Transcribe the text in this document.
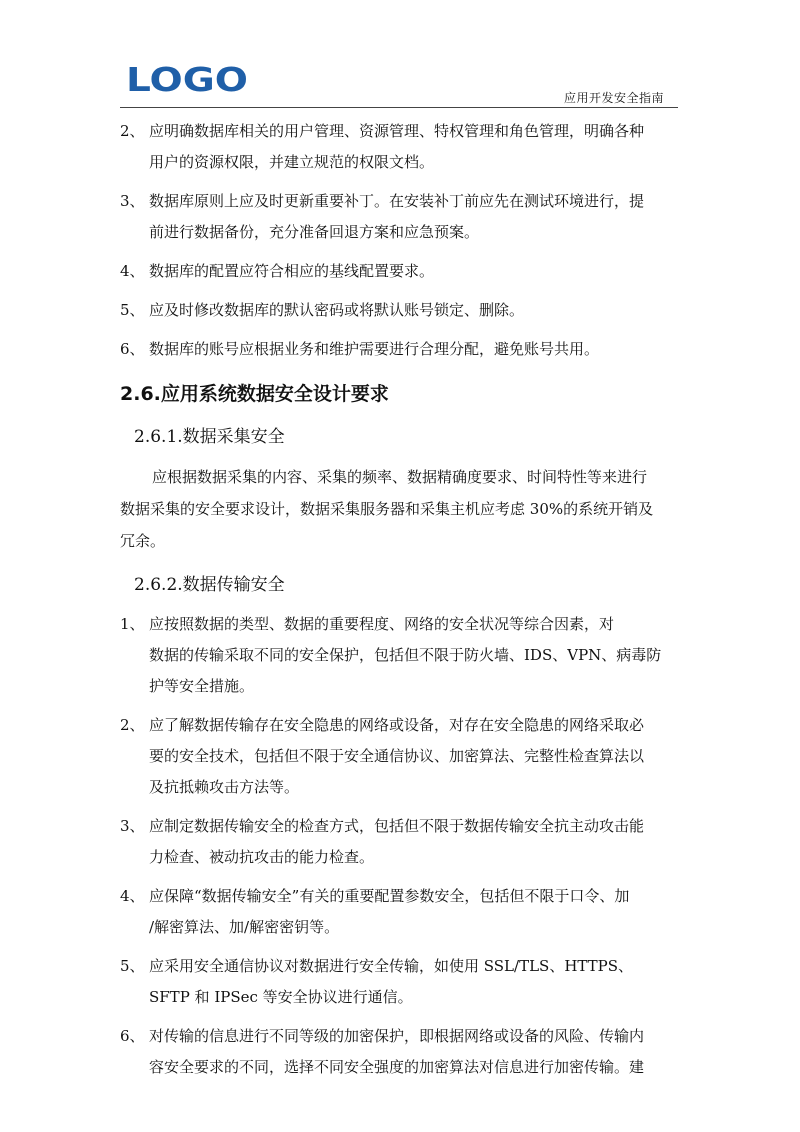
LOGO	应用开发安全指南
2、 应明确数据库相关的用户管理、资源管理、特权管理和角色管理，明确各种
用户的资源权限，并建立规范的权限文档。
3、 数据库原则上应及时更新重要补丁。在安装补丁前应先在测试环境进行，提
前进行数据备份，充分准备回退方案和应急预案。
4、 数据库的配置应符合相应的基线配置要求。
5、 应及时修改数据库的默认密码或将默认账号锁定、删除。
6、 数据库的账号应根据业务和维护需要进行合理分配，避免账号共用。
2.6.应用系统数据安全设计要求
2.6.1.数据采集安全
应根据数据采集的内容、采集的频率、数据精确度要求、时间特性等来进行
数据采集的安全要求设计，数据采集服务器和采集主机应考虑 30%的系统开销及
冗余。
2.6.2.数据传输安全
1、 应按照数据的类型、数据的重要程度、网络的安全状况等综合因素，对
数据的传输采取不同的安全保护，包括但不限于防火墙、IDS、VPN、病毒防
护等安全措施。
2、 应了解数据传输存在安全隐患的网络或设备，对存在安全隐患的网络采取必
要的安全技术，包括但不限于安全通信协议、加密算法、完整性检查算法以
及抗抵赖攻击方法等。
3、 应制定数据传输安全的检查方式，包括但不限于数据传输安全抗主动攻击能
力检查、被动抗攻击的能力检查。
4、 应保障“数据传输安全”有关的重要配置参数安全，包括但不限于口令、加
/解密算法、加/解密密钥等。
5、 应采用安全通信协议对数据进行安全传输，如使用 SSL/TLS、HTTPS、
SFTP 和 IPSec 等安全协议进行通信。
6、 对传输的信息进行不同等级的加密保护，即根据网络或设备的风险、传输内
容安全要求的不同，选择不同安全强度的加密算法对信息进行加密传输。建
